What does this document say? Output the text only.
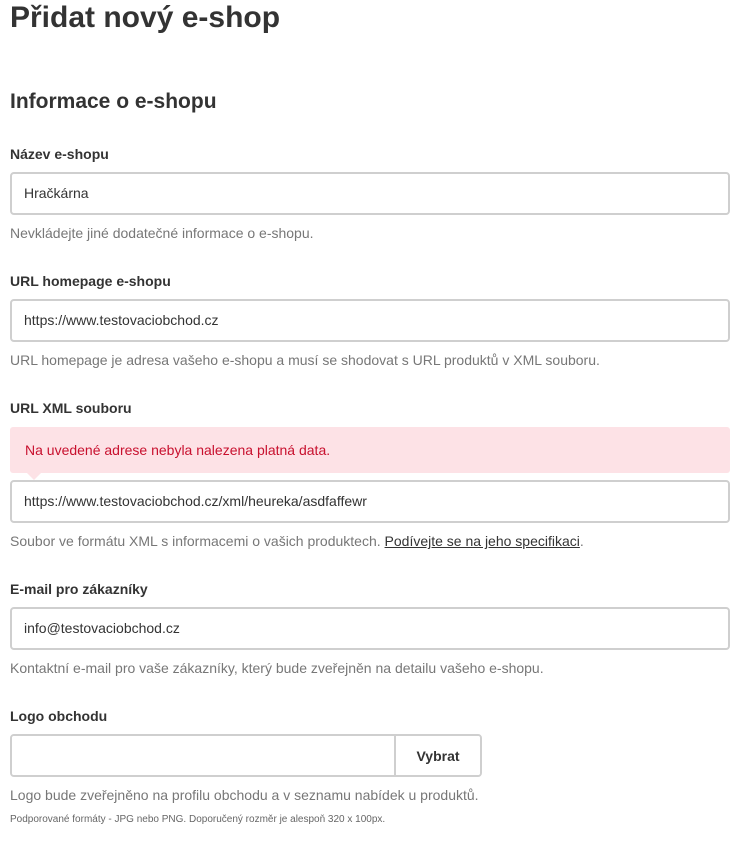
Přidat nový e-shop
Informace o e-shopu
Název e-shopu
Hračkárna
Nevkládejte jiné dodatečné informace o e-shopu.
URL homepage e-shopu
https://www.testovaciobchod.cz
URL homepage je adresa vašeho e-shopu a musí se shodovat s URL produktů v XML souboru.
URL XML souboru
Na uvedené adrese nebyla nalezena platná data.
https://www.testovaciobchod.cz/xml/heureka/asdfaffewr
Soubor ve formátu XML s informacemi o vašich produktech. Podívejte se na jeho specifikaci.
E-mail pro zákazníky
info@testovaciobchod.cz
Kontaktní e-mail pro vaše zákazníky, který bude zveřejněn na detailu vašeho e-shopu.
Logo obchodu
Vybrat
Logo bude zveřejněno na profilu obchodu a v seznamu nabídek u produktů.
Podporované formáty - JPG nebo PNG. Doporučený rozměr je alespoň 320 x 100px.
